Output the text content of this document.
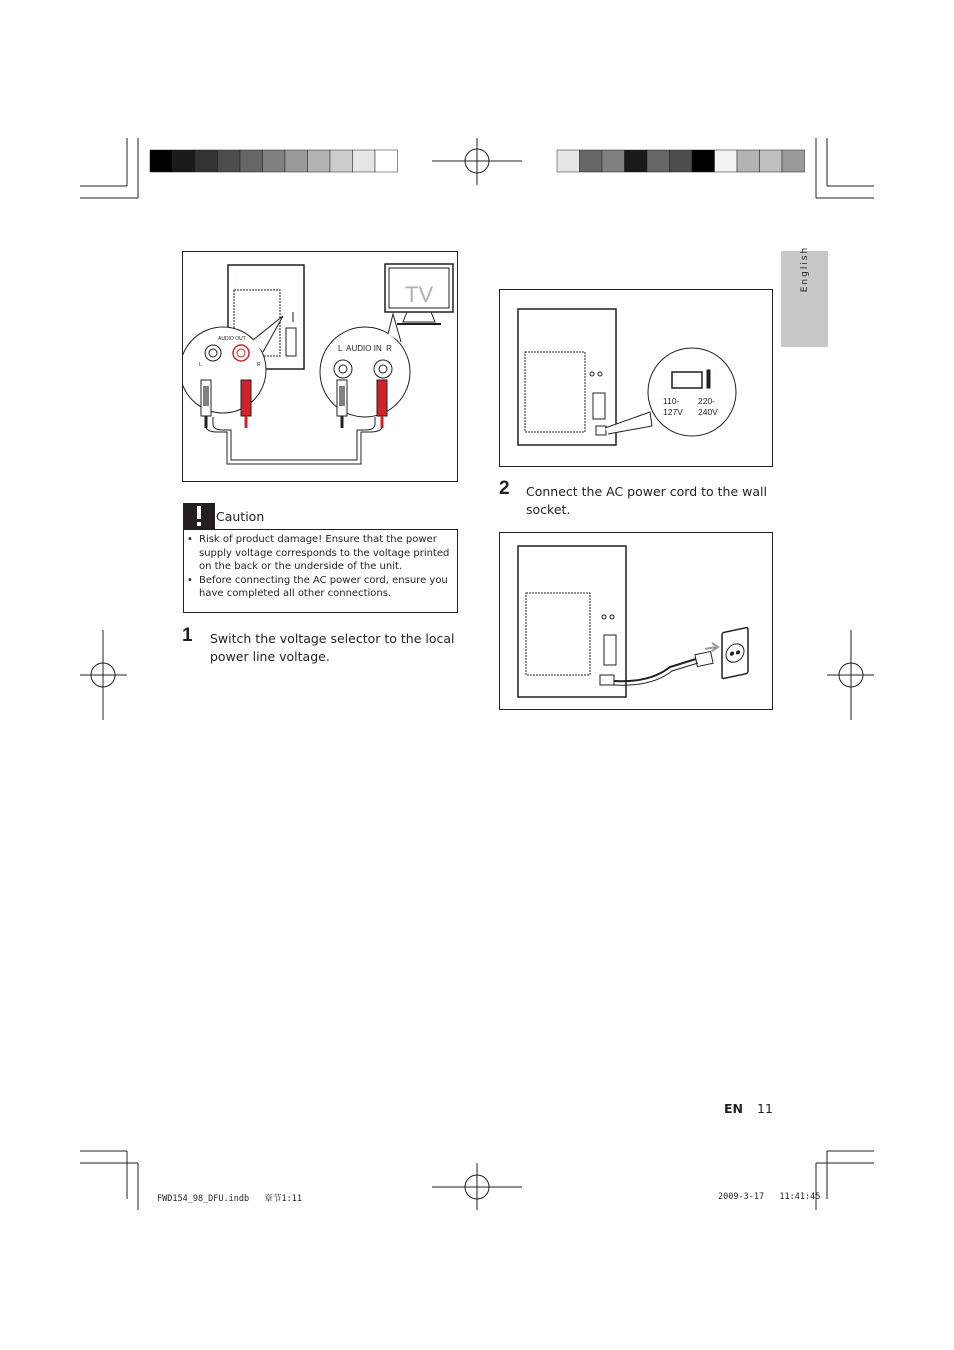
English
TV
AUDIO OUT
L	R
L  AUDIO IN  R
Caution
• Risk of product damage! Ensure that the power supply voltage corresponds to the voltage printed on the back or the underside of the unit.
• Before connecting the AC power cord, ensure you have completed all other connections.
1 Switch the voltage selector to the local power line voltage.
110-
127V
220-
240V
2 Connect the AC power cord to the wall socket.
EN 11
FWD154_98_DFU.indb   章节1:11	2009-3-17   11:41:45
